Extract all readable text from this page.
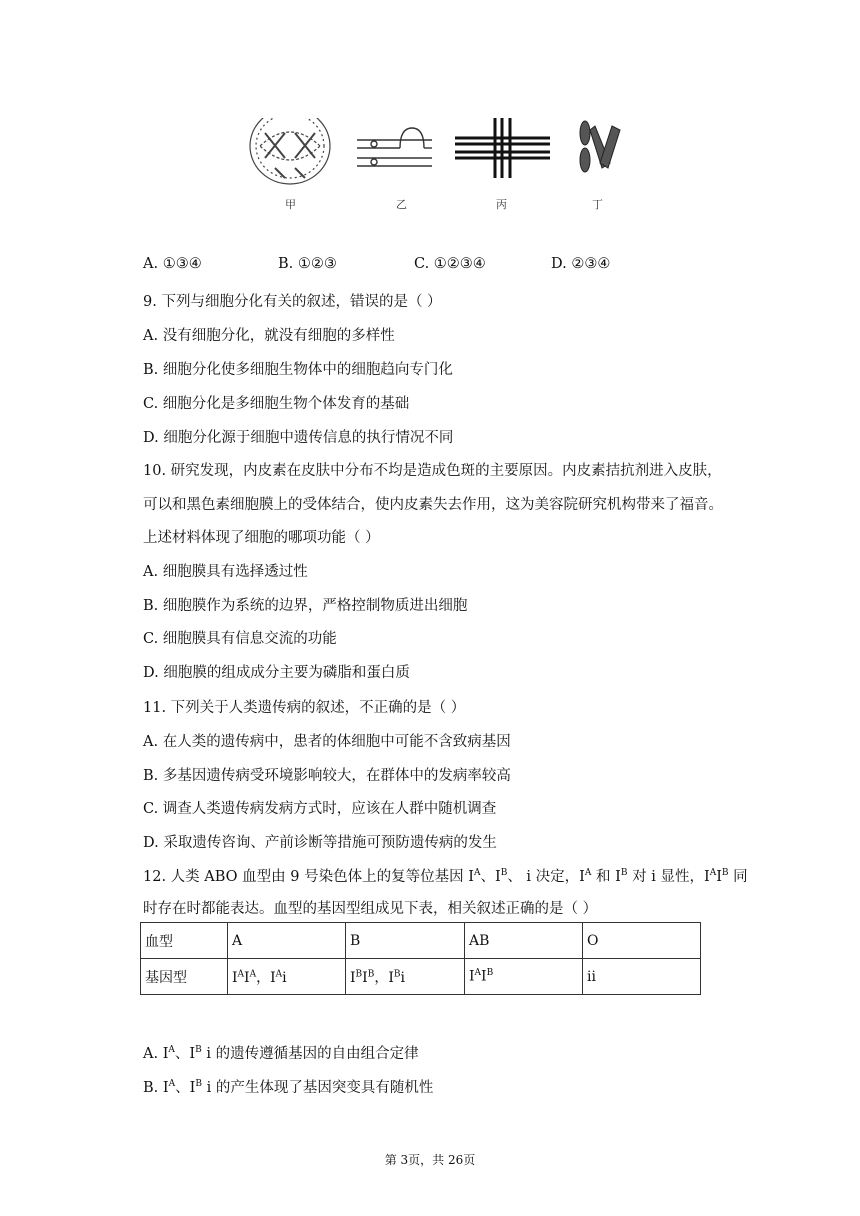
甲	乙	丙	丁
A. ①③④	B. ①②③	C. ①②③④	D. ②③④
9. 下列与细胞分化有关的叙述，错误的是（ ）
A. 没有细胞分化，就没有细胞的多样性
B. 细胞分化使多细胞生物体中的细胞趋向专门化
C. 细胞分化是多细胞生物个体发育的基础
D. 细胞分化源于细胞中遗传信息的执行情况不同
10. 研究发现，内皮素在皮肤中分布不均是造成色斑的主要原因。内皮素拮抗剂进入皮肤，
可以和黑色素细胞膜上的受体结合，使内皮素失去作用，这为美容院研究机构带来了福音。
上述材料体现了细胞的哪项功能（ ）
A. 细胞膜具有选择透过性
B. 细胞膜作为系统的边界，严格控制物质进出细胞
C. 细胞膜具有信息交流的功能
D. 细胞膜的组成成分主要为磷脂和蛋白质
11. 下列关于人类遗传病的叙述，不正确的是（ ）
A. 在人类的遗传病中，患者的体细胞中可能不含致病基因
B. 多基因遗传病受环境影响较大，在群体中的发病率较高
C. 调查人类遗传病发病方式时，应该在人群中随机调查
D. 采取遗传咨询、产前诊断等措施可预防遗传病的发生
12. 人类 ABO 血型由 9 号染色体上的复等位基因 $I^A$、$I^B$、 i 决定，$I^A$ 和 $I^B$ 对 i 显性，$I^AI^B$ 同
时存在时都能表达。血型的基因型组成见下表，相关叙述正确的是（ ）
血型	A	B	AB	O
基因型	$I^AI^A$，$I^Ai$	$I^BI^B$，$I^Bi$	$I^AI^B$	ii
A. $I^A$、$I^B$ i 的遗传遵循基因的自由组合定律
B. $I^A$、$I^B$ i 的产生体现了基因突变具有随机性
第 3页，共 26页
